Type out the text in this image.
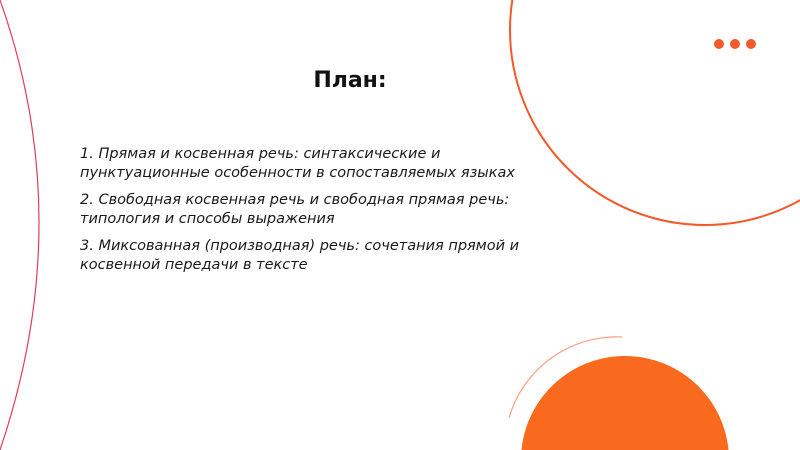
План:
1. Прямая и косвенная речь: синтаксические и пунктуационные особенности в сопоставляемых языках
2. Свободная косвенная речь и свободная прямая речь: типология и способы выражения
3. Миксованная (производная) речь: сочетания прямой и косвенной передачи в тексте
